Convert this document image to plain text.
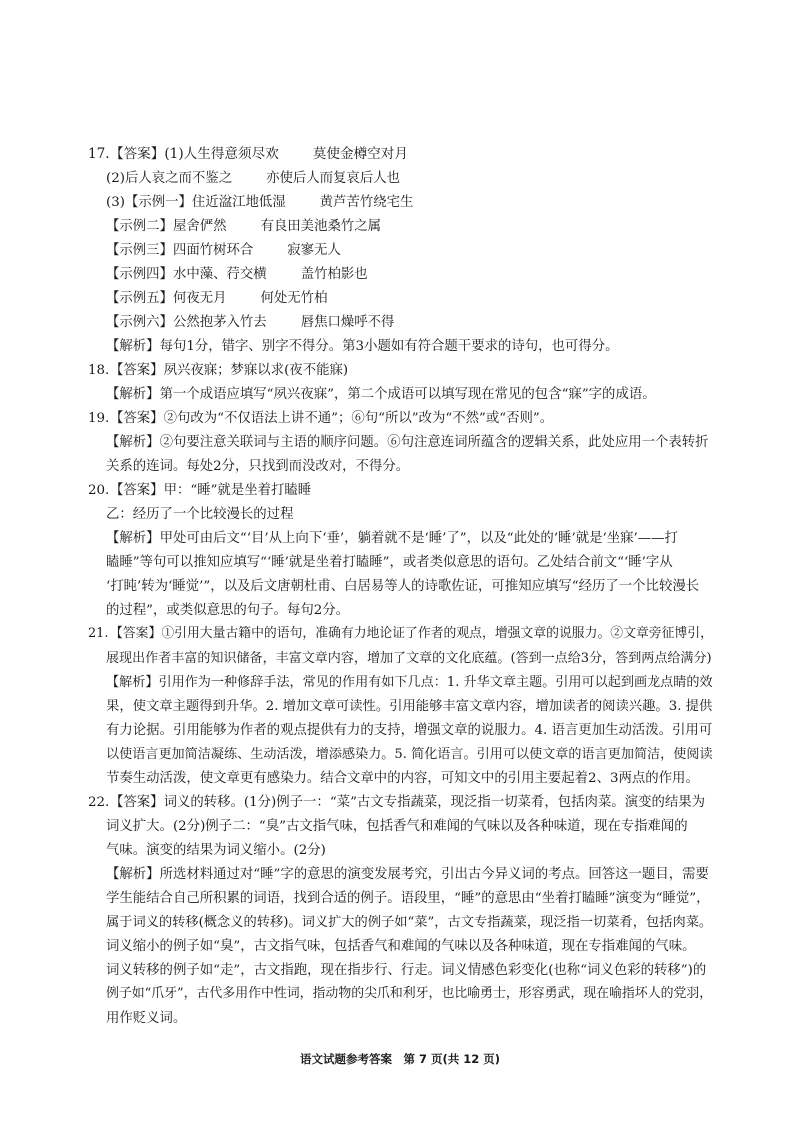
17.【答案】(1)人生得意须尽欢	莫使金樽空对月
(2)后人哀之而不鉴之	亦使后人而复哀后人也
(3)【示例一】住近湓江地低湿	黄芦苦竹绕宅生
【示例二】屋舍俨然	有良田美池桑竹之属
【示例三】四面竹树环合	寂寥无人
【示例四】水中藻、荇交横	盖竹柏影也
【示例五】何夜无月	何处无竹柏
【示例六】公然抱茅入竹去	唇焦口燥呼不得
【解析】每句1分，错字、别字不得分。第3小题如有符合题干要求的诗句，也可得分。
18.【答案】夙兴夜寐；梦寐以求(夜不能寐)
【解析】第一个成语应填写“夙兴夜寐”，第二个成语可以填写现在常见的包含“寐”字的成语。
19.【答案】②句改为“不仅语法上讲不通”；⑥句“所以”改为“不然”或“否则”。
【解析】②句要注意关联词与主语的顺序问题。⑥句注意连词所蕴含的逻辑关系，此处应用一个表转折
关系的连词。每处2分，只找到而没改对，不得分。
20.【答案】甲：“睡”就是坐着打瞌睡
乙：经历了一个比较漫长的过程
【解析】甲处可由后文“‘目’从上向下‘垂’，躺着就不是‘睡’了”，以及“此处的‘睡’就是‘坐寐’——打
瞌睡”等句可以推知应填写“‘睡’就是坐着打瞌睡”，或者类似意思的语句。乙处结合前文“‘睡’字从
‘打盹’转为‘睡觉’”，以及后文唐朝杜甫、白居易等人的诗歌佐证，可推知应填写“经历了一个比较漫长
的过程”，或类似意思的句子。每句2分。
21. 【答案】①引用大量古籍中的语句，准确有力地论证了作者的观点，增强文章的说服力。②文章旁征博引，
展现出作者丰富的知识储备，丰富文章内容，增加了文章的文化底蕴。(答到一点给3分，答到两点给满分)
【解析】引用作为一种修辞手法，常见的作用有如下几点：1. 升华文章主题。引用可以起到画龙点睛的效
果，使文章主题得到升华。2. 增加文章可读性。引用能够丰富文章内容，增加读者的阅读兴趣。3. 提供
有力论据。引用能够为作者的观点提供有力的支持，增强文章的说服力。4. 语言更加生动活泼。引用可
以使语言更加简洁凝练、生动活泼，增添感染力。5. 简化语言。引用可以使文章的语言更加简洁，使阅读
节奏生动活泼，使文章更有感染力。结合文章中的内容，可知文中的引用主要起着2、3两点的作用。
22.【答案】词义的转移。(1分)例子一：“菜”古文专指蔬菜，现泛指一切菜肴，包括肉菜。演变的结果为
词义扩大。(2分)例子二：“臭”古文指气味，包括香气和难闻的气味以及各种味道，现在专指难闻的
气味。演变的结果为词义缩小。(2分)
【解析】所选材料通过对“睡”字的意思的演变发展考究，引出古今异义词的考点。回答这一题目，需要
学生能结合自己所积累的词语，找到合适的例子。语段里，“睡”的意思由“坐着打瞌睡”演变为“睡觉”，
属于词义的转移(概念义的转移)。词义扩大的例子如“菜”，古文专指蔬菜，现泛指一切菜肴，包括肉菜。
词义缩小的例子如“臭”，古文指气味，包括香气和难闻的气味以及各种味道，现在专指难闻的气味。
词义转移的例子如“走”，古文指跑，现在指步行、行走。词义情感色彩变化(也称“词义色彩的转移”)的
例子如“爪牙”，古代多用作中性词，指动物的尖爪和利牙，也比喻勇士，形容勇武，现在喻指坏人的党羽，
用作贬义词。
语文试题参考答案　第 7 页(共 12 页)
